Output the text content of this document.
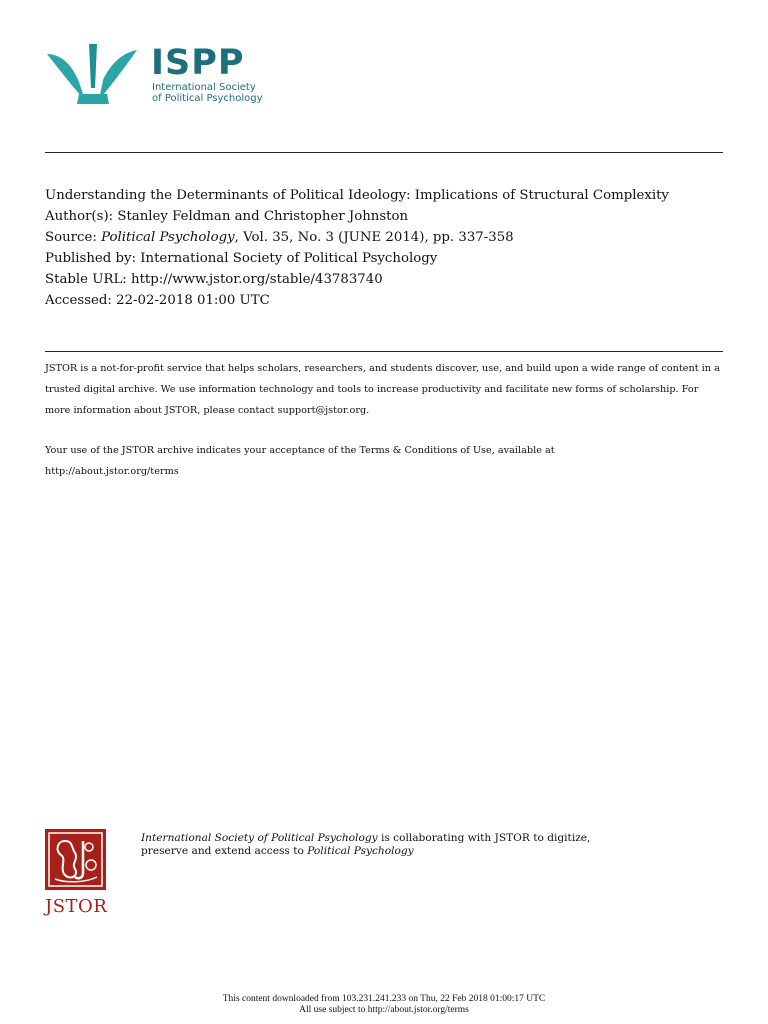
ISPP
International Society
of Political Psychology
Understanding the Determinants of Political Ideology: Implications of Structural Complexity
Author(s): Stanley Feldman and Christopher Johnston
Source: Political Psychology, Vol. 35, No. 3 (JUNE 2014), pp. 337-358
Published by: International Society of Political Psychology
Stable URL: http://www.jstor.org/stable/43783740
Accessed: 22-02-2018 01:00 UTC
JSTOR is a not-for-profit service that helps scholars, researchers, and students discover, use, and build upon a wide range of content in a trusted digital archive. We use information technology and tools to increase productivity and facilitate new forms of scholarship. For more information about JSTOR, please contact support@jstor.org.
Your use of the JSTOR archive indicates your acceptance of the Terms & Conditions of Use, available at
http://about.jstor.org/terms
JSTOR
International Society of Political Psychology is collaborating with JSTOR to digitize,
preserve and extend access to Political Psychology
This content downloaded from 103.231.241.233 on Thu, 22 Feb 2018 01:00:17 UTC
All use subject to http://about.jstor.org/terms
